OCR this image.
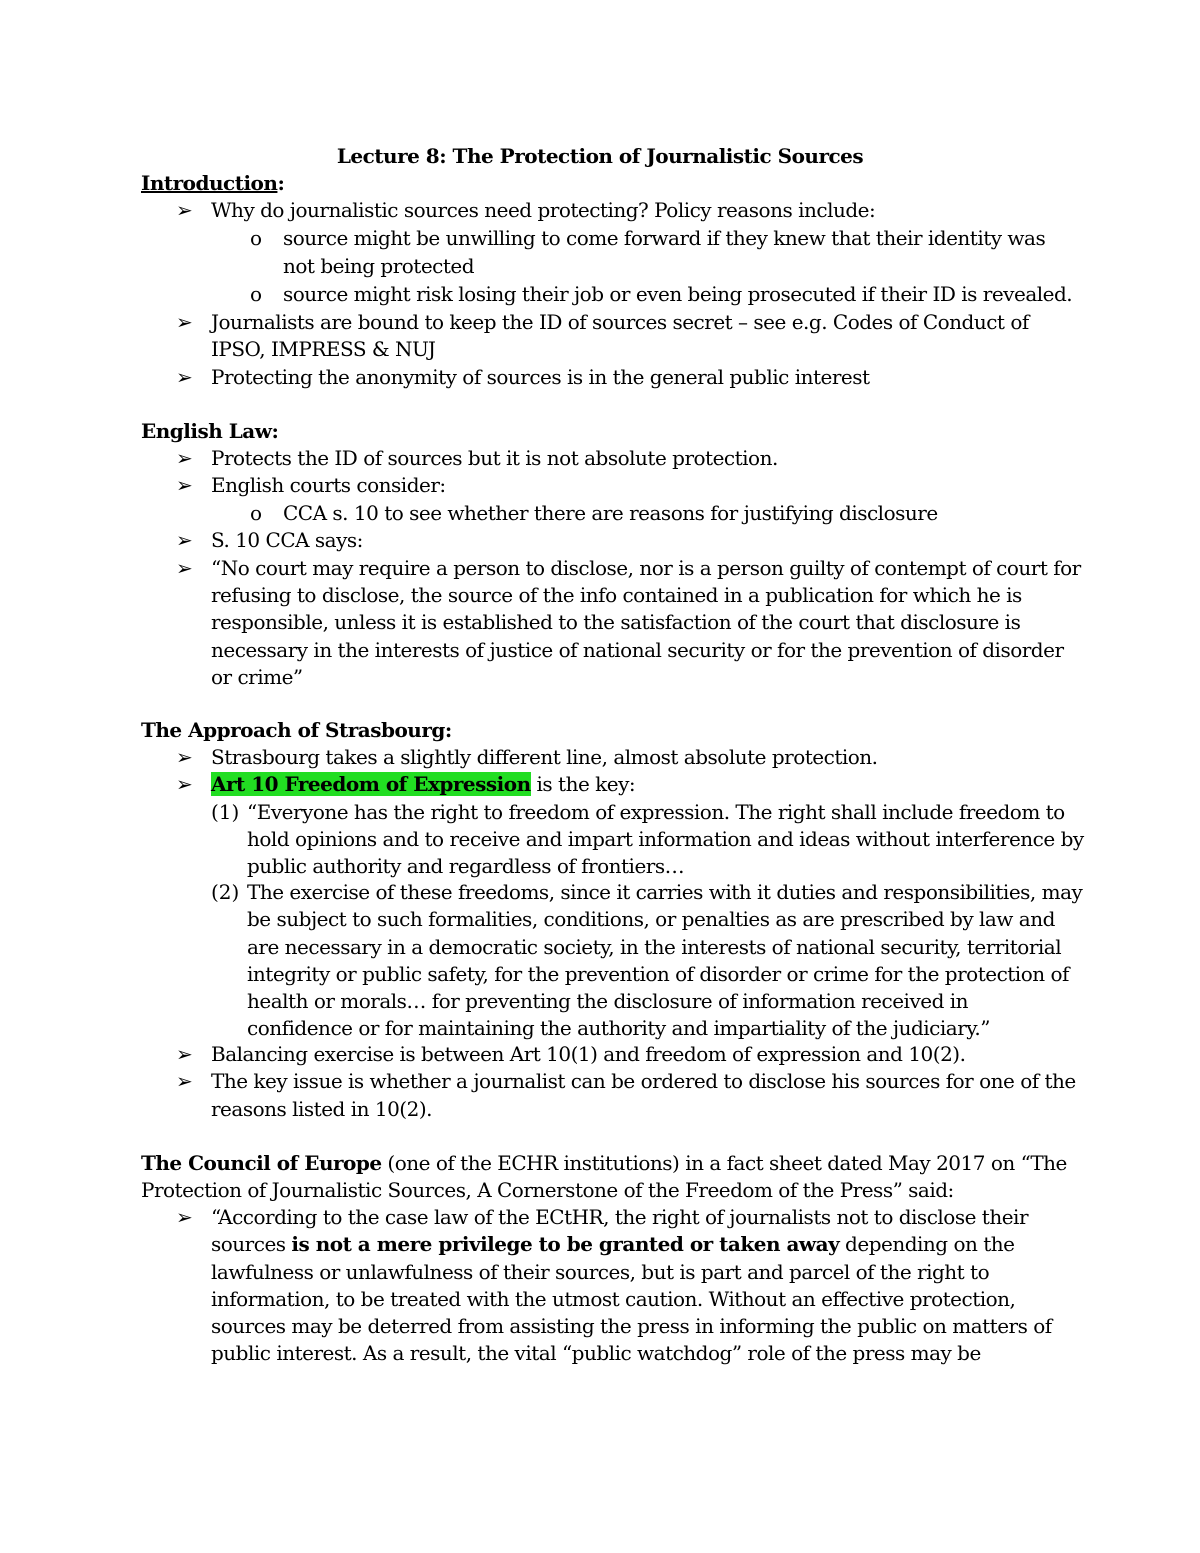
Lecture 8: The Protection of Journalistic Sources
Introduction:
➢ Why do journalistic sources need protecting? Policy reasons include:
o source might be unwilling to come forward if they knew that their identity was
not being protected
o source might risk losing their job or even being prosecuted if their ID is revealed.
➢ Journalists are bound to keep the ID of sources secret – see e.g. Codes of Conduct of
IPSO, IMPRESS & NUJ
➢ Protecting the anonymity of sources is in the general public interest
English Law:
➢ Protects the ID of sources but it is not absolute protection.
➢ English courts consider:
o CCA s. 10 to see whether there are reasons for justifying disclosure
➢ S. 10 CCA says:
➢ “No court may require a person to disclose, nor is a person guilty of contempt of court for
refusing to disclose, the source of the info contained in a publication for which he is
responsible, unless it is established to the satisfaction of the court that disclosure is
necessary in the interests of justice of national security or for the prevention of disorder
or crime”
The Approach of Strasbourg:
➢ Strasbourg takes a slightly different line, almost absolute protection.
➢ Art 10 Freedom of Expression is the key:
(1) “Everyone has the right to freedom of expression. The right shall include freedom to
hold opinions and to receive and impart information and ideas without interference by
public authority and regardless of frontiers…
(2) The exercise of these freedoms, since it carries with it duties and responsibilities, may
be subject to such formalities, conditions, or penalties as are prescribed by law and
are necessary in a democratic society, in the interests of national security, territorial
integrity or public safety, for the prevention of disorder or crime for the protection of
health or morals… for preventing the disclosure of information received in
confidence or for maintaining the authority and impartiality of the judiciary.”
➢ Balancing exercise is between Art 10(1) and freedom of expression and 10(2).
➢ The key issue is whether a journalist can be ordered to disclose his sources for one of the
reasons listed in 10(2).
The Council of Europe (one of the ECHR institutions) in a fact sheet dated May 2017 on “The
Protection of Journalistic Sources, A Cornerstone of the Freedom of the Press” said:
➢ “According to the case law of the ECtHR, the right of journalists not to disclose their
sources is not a mere privilege to be granted or taken away depending on the
lawfulness or unlawfulness of their sources, but is part and parcel of the right to
information, to be treated with the utmost caution. Without an effective protection,
sources may be deterred from assisting the press in informing the public on matters of
public interest. As a result, the vital “public watchdog” role of the press may be
